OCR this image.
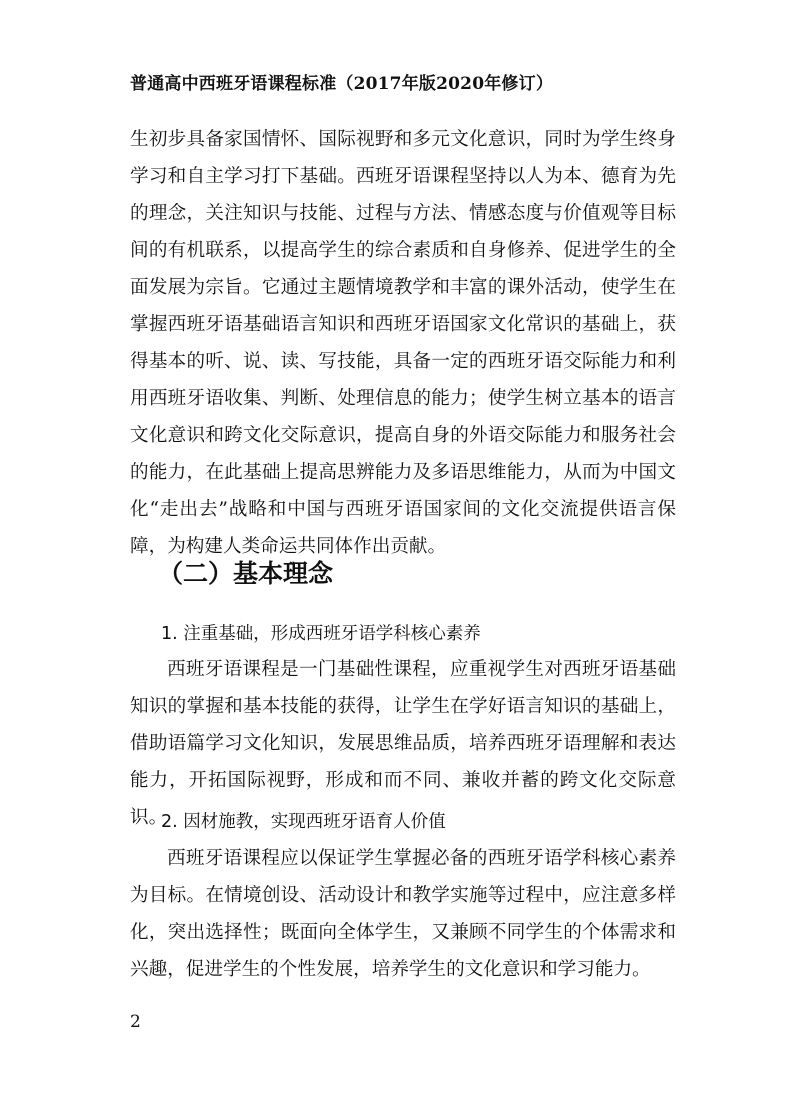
普通高中西班牙语课程标准（2017年版2020年修订）

生初步具备家国情怀、国际视野和多元文化意识，同时为学生终身学习和自主学习打下基础。西班牙语课程坚持以人为本、德育为先的理念，关注知识与技能、过程与方法、情感态度与价值观等目标间的有机联系，以提高学生的综合素质和自身修养、促进学生的全面发展为宗旨。它通过主题情境教学和丰富的课外活动，使学生在掌握西班牙语基础语言知识和西班牙语国家文化常识的基础上，获得基本的听、说、读、写技能，具备一定的西班牙语交际能力和利用西班牙语收集、判断、处理信息的能力；使学生树立基本的语言文化意识和跨文化交际意识，提高自身的外语交际能力和服务社会的能力，在此基础上提高思辨能力及多语思维能力，从而为中国文化“走出去”战略和中国与西班牙语国家间的文化交流提供语言保障，为构建人类命运共同体作出贡献。

（二）基本理念
1. 注重基础，形成西班牙语学科核心素养

西班牙语课程是一门基础性课程，应重视学生对西班牙语基础知识的掌握和基本技能的获得，让学生在学好语言知识的基础上，借助语篇学习文化知识，发展思维品质，培养西班牙语理解和表达能力，开拓国际视野，形成和而不同、兼收并蓄的跨文化交际意识。

2. 因材施教，实现西班牙语育人价值

西班牙语课程应以保证学生掌握必备的西班牙语学科核心素养为目标。在情境创设、活动设计和教学实施等过程中，应注意多样化，突出选择性；既面向全体学生，又兼顾不同学生的个体需求和兴趣，促进学生的个性发展，培养学生的文化意识和学习能力。

2
